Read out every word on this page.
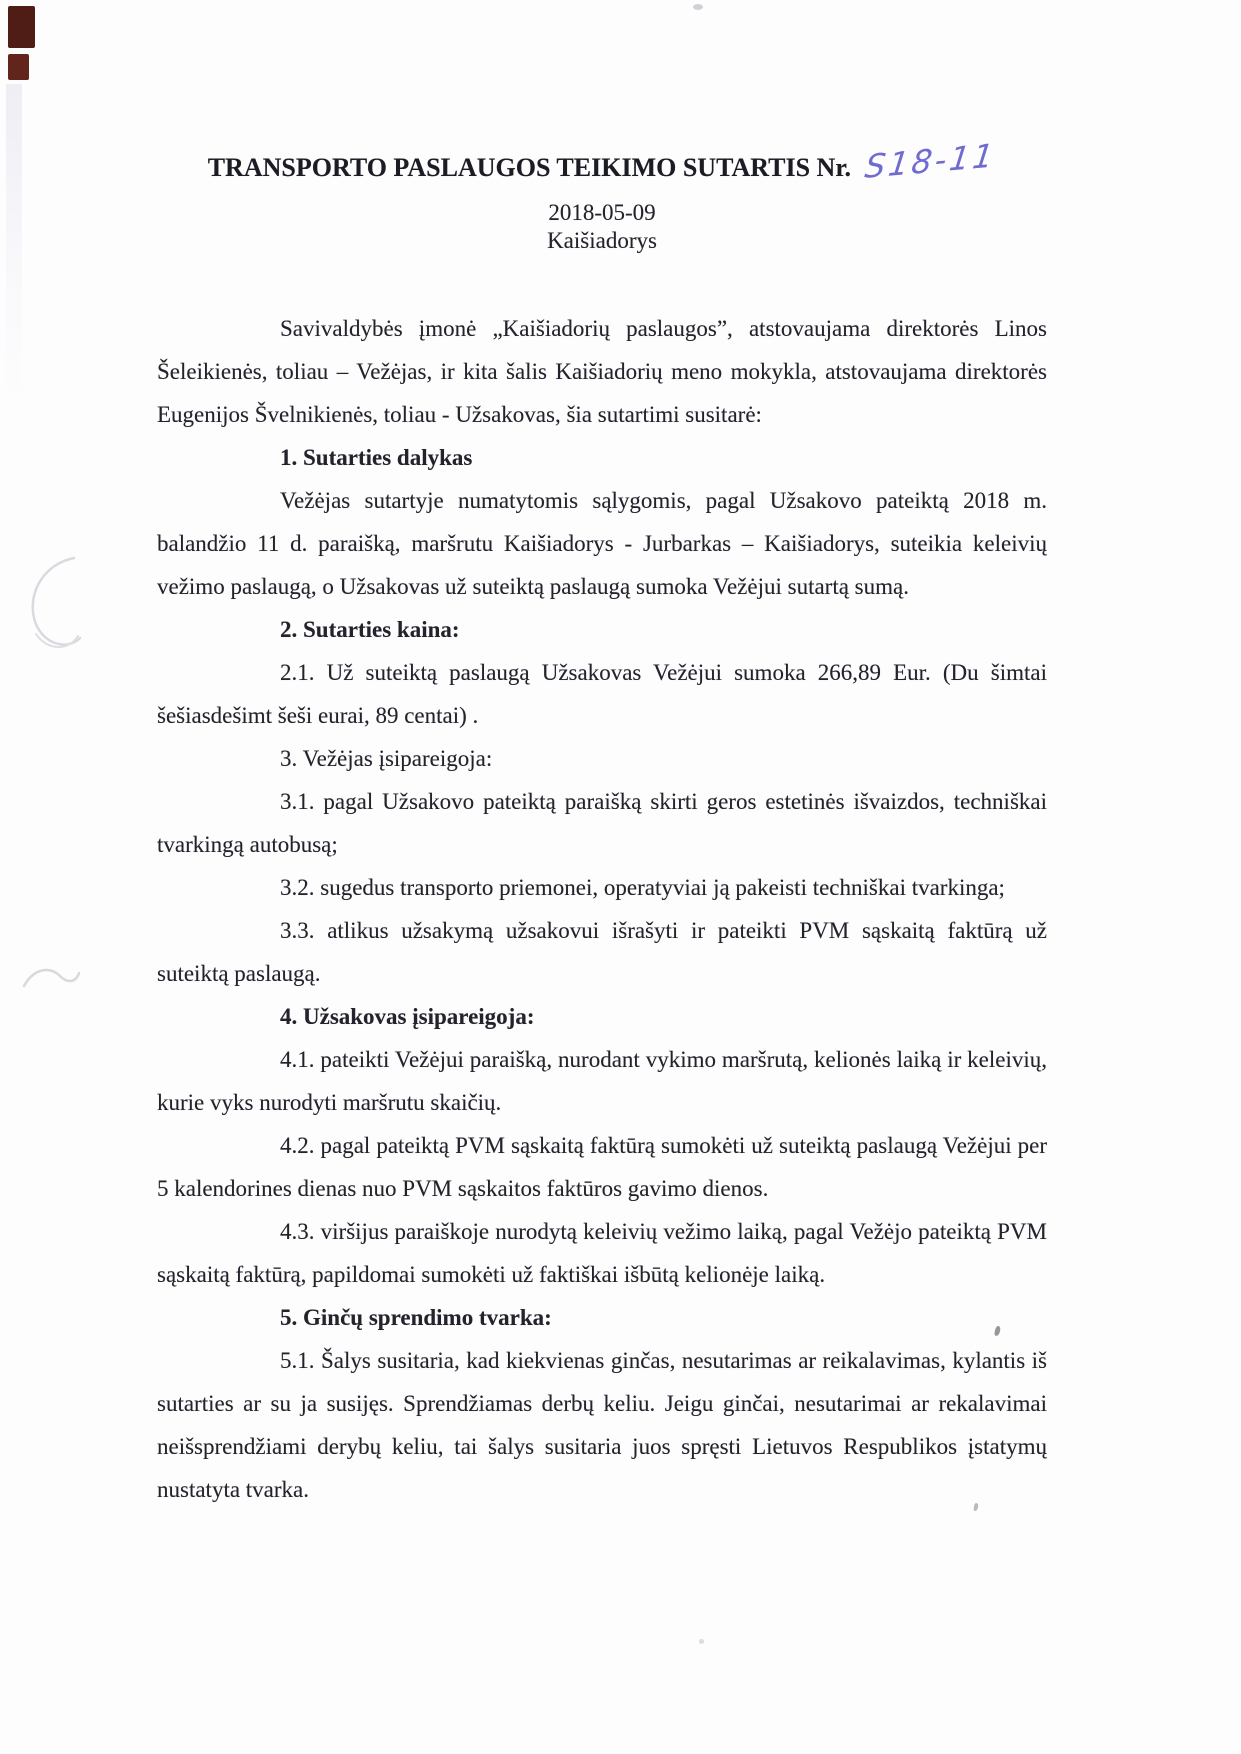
TRANSPORTO PASLAUGOS TEIKIMO SUTARTIS Nr. S18-11
2018-05-09
Kaišiadorys

Savivaldybės įmonė „Kaišiadorių paslaugos”, atstovaujama direktorės Linos Šeleikienės, toliau – Vežėjas, ir kita šalis Kaišiadorių meno mokykla, atstovaujama direktorės Eugenijos Švelnikienės, toliau - Užsakovas, šia sutartimi susitarė:

1. Sutarties dalykas

Vežėjas sutartyje numatytomis sąlygomis, pagal Užsakovo pateiktą 2018 m. balandžio 11 d. paraišką, maršrutu Kaišiadorys - Jurbarkas – Kaišiadorys, suteikia keleivių vežimo paslaugą, o Užsakovas už suteiktą paslaugą sumoka Vežėjui sutartą sumą.

2. Sutarties kaina:

2.1. Už suteiktą paslaugą Užsakovas Vežėjui sumoka 266,89 Eur. (Du šimtai šešiasdešimt šeši eurai, 89 centai) .

3. Vežėjas įsipareigoja:

3.1. pagal Užsakovo pateiktą paraišką skirti geros estetinės išvaizdos, techniškai tvarkingą autobusą;

3.2. sugedus transporto priemonei, operatyviai ją pakeisti techniškai tvarkinga;

3.3. atlikus užsakymą užsakovui išrašyti ir pateikti PVM sąskaitą faktūrą už suteiktą paslaugą.

4. Užsakovas įsipareigoja:

4.1. pateikti Vežėjui paraišką, nurodant vykimo maršrutą, kelionės laiką ir keleivių, kurie vyks nurodyti maršrutu skaičių.

4.2. pagal pateiktą PVM sąskaitą faktūrą sumokėti už suteiktą paslaugą Vežėjui per 5 kalendorines dienas nuo PVM sąskaitos faktūros gavimo dienos.

4.3. viršijus paraiškoje nurodytą keleivių vežimo laiką, pagal Vežėjo pateiktą PVM sąskaitą faktūrą, papildomai sumokėti už faktiškai išbūtą kelionėje laiką.

5. Ginčų sprendimo tvarka:

5.1. Šalys susitaria, kad kiekvienas ginčas, nesutarimas ar reikalavimas, kylantis iš sutarties ar su ja susijęs. Sprendžiamas derbų keliu. Jeigu ginčai, nesutarimai ar rekalavimai neišsprendžiami derybų keliu, tai šalys susitaria juos spręsti Lietuvos Respublikos įstatymų nustatyta tvarka.
